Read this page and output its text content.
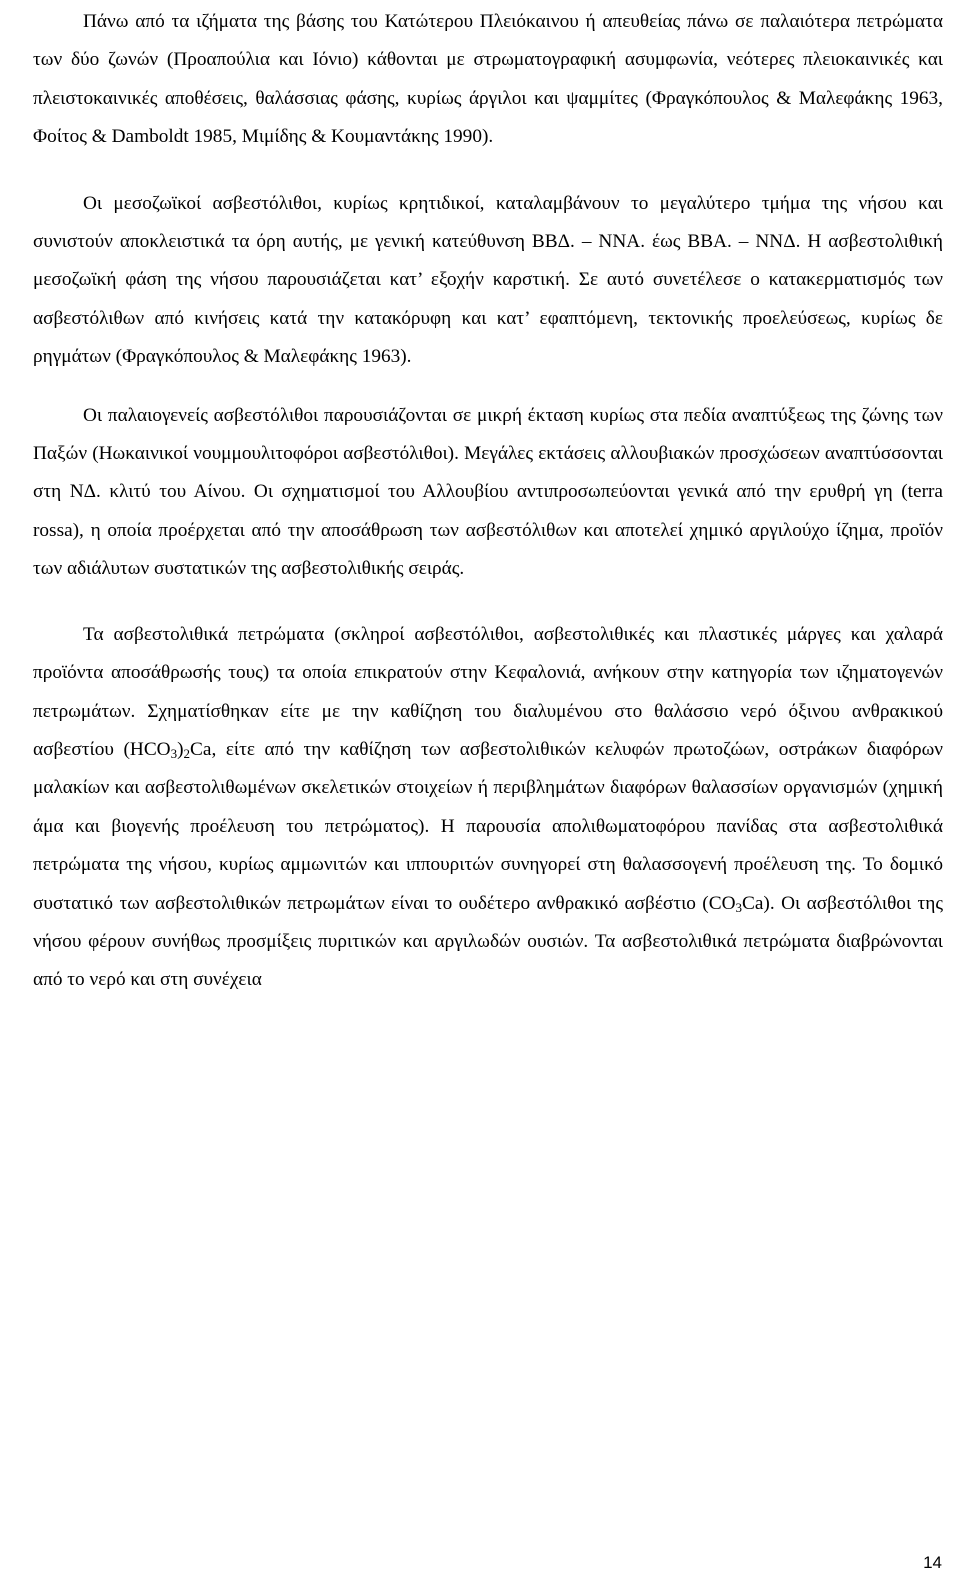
Πάνω από τα ιζήματα της βάσης του Κατώτερου Πλειόκαινου ή απευθείας πάνω σε παλαιότερα πετρώματα των δύο ζωνών (Προαπούλια και Ιόνιο) κάθονται με στρωματογραφική ασυμφωνία, νεότερες πλειοκαινικές και πλειστοκαινικές αποθέσεις, θαλάσσιας φάσης, κυρίως άργιλοι και ψαμμίτες (Φραγκόπουλος & Μαλεφάκης 1963, Φοίτος & Damboldt 1985, Μιμίδης & Κουμαντάκης 1990).

Οι μεσοζωϊκοί ασβεστόλιθοι, κυρίως κρητιδικοί, καταλαμβάνουν το μεγαλύτερο τμήμα της νήσου και συνιστούν αποκλειστικά τα όρη αυτής, με γενική κατεύθυνση ΒΒΔ. – ΝΝΑ. έως ΒΒΑ. – ΝΝΔ. Η ασβεστολιθική μεσοζωϊκή φάση της νήσου παρουσιάζεται κατ’ εξοχήν καρστική. Σε αυτό συνετέλεσε ο κατακερματισμός των ασβεστόλιθων από κινήσεις κατά την κατακόρυφη και κατ’ εφαπτόμενη, τεκτονικής προελεύσεως, κυρίως δε ρηγμάτων (Φραγκόπουλος & Μαλεφάκης 1963).

Οι παλαιογενείς ασβεστόλιθοι παρουσιάζονται σε μικρή έκταση κυρίως στα πεδία αναπτύξεως της ζώνης των Παξών (Ηωκαινικοί νουμμουλιτοφόροι ασβεστόλιθοι). Μεγάλες εκτάσεις αλλουβιακών προσχώσεων αναπτύσσονται στη ΝΔ. κλιτύ του Αίνου. Οι σχηματισμοί του Αλλουβίου αντιπροσωπεύονται γενικά από την ερυθρή γη (terra rossa), η οποία προέρχεται από την αποσάθρωση των ασβεστόλιθων και αποτελεί χημικό αργιλούχο ίζημα, προϊόν των αδιάλυτων συστατικών της ασβεστολιθικής σειράς.

Τα ασβεστολιθικά πετρώματα (σκληροί ασβεστόλιθοι, ασβεστολιθικές και πλαστικές μάργες και χαλαρά προϊόντα αποσάθρωσής τους) τα οποία επικρατούν στην Κεφαλονιά, ανήκουν στην κατηγορία των ιζηματογενών πετρωμάτων. Σχηματίσθηκαν είτε με την καθίζηση του διαλυμένου στο θαλάσσιο νερό όξινου ανθρακικού ασβεστίου $(HCO_3)_2Ca$, είτε από την καθίζηση των ασβεστολιθικών κελυφών πρωτοζώων, οστράκων διαφόρων μαλακίων και ασβεστολιθωμένων σκελετικών στοιχείων ή περιβλημάτων διαφόρων θαλασσίων οργανισμών (χημική άμα και βιογενής προέλευση του πετρώματος). Η παρουσία απολιθωματοφόρου πανίδας στα ασβεστολιθικά πετρώματα της νήσου, κυρίως αμμωνιτών και ιππουριτών συνηγορεί στη θαλασσογενή προέλευση της. Το δομικό συστατικό των ασβεστολιθικών πετρωμάτων είναι το ουδέτερο ανθρακικό ασβέστιο $(CO_3Ca)$. Οι ασβεστόλιθοι της νήσου φέρουν συνήθως προσμίξεις πυριτικών και αργιλωδών ουσιών. Τα ασβεστολιθικά πετρώματα διαβρώνονται από το νερό και στη συνέχεια

14
